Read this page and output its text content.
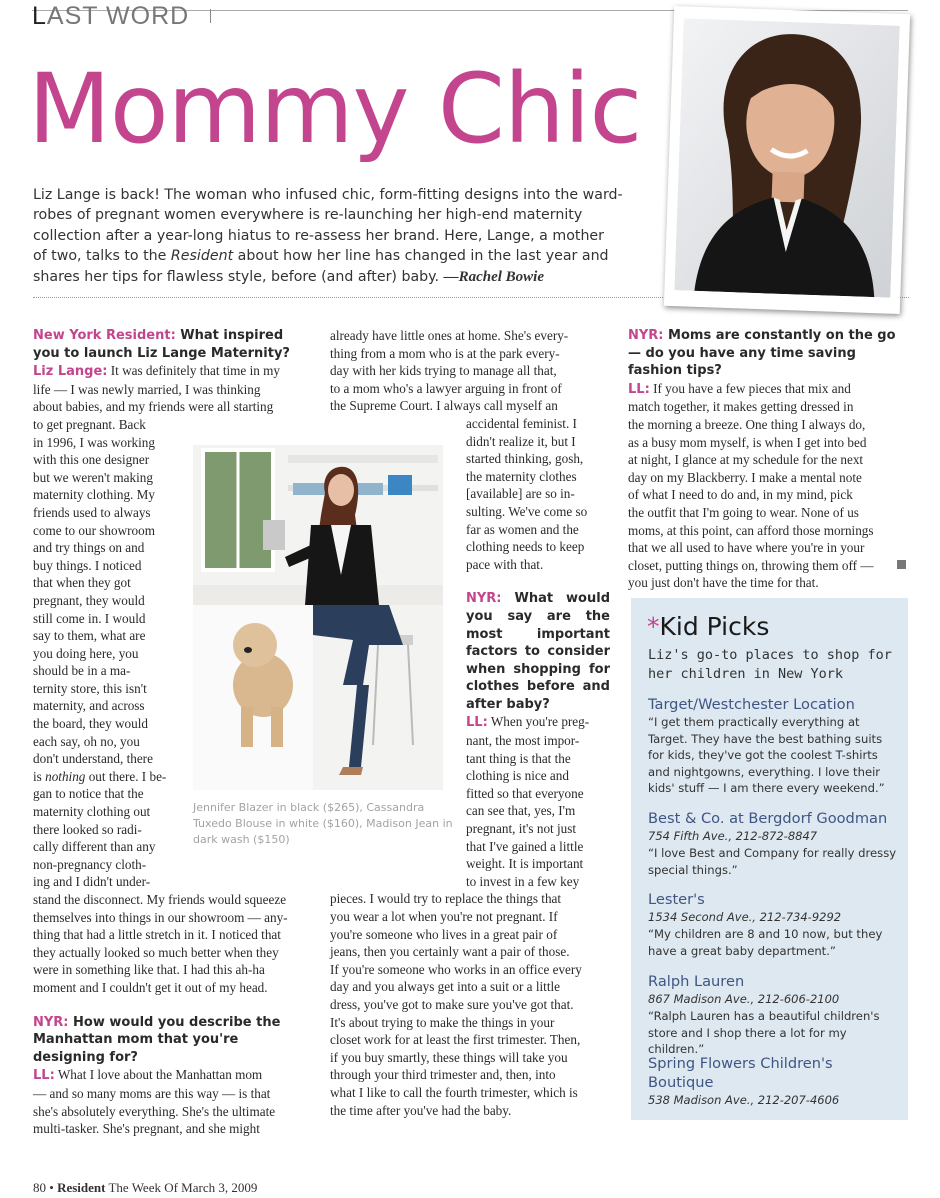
LAST WORD
Mommy Chic
Liz Lange is back! The woman who infused chic, form-fitting designs into the ward-
robes of pregnant women everywhere is re-launching her high-end maternity
collection after a year-long hiatus to re-assess her brand. Here, Lange, a mother
of two, talks to the Resident about how her line has changed in the last year and
shares her tips for flawless style, before (and after) baby. —Rachel Bowie
New York Resident: What inspired you to launch Liz Lange Maternity?
Liz Lange: It was definitely that time in my
life — I was newly married, I was thinking
about babies, and my friends were all starting
to get pregnant. Back
in 1996, I was working
with this one designer
but we weren't making
maternity clothing. My
friends used to always
come to our showroom
and try things on and
buy things. I noticed
that when they got
pregnant, they would
still come in. I would
say to them, what are
you doing here, you
should be in a ma-
ternity store, this isn't
maternity, and across
the board, they would
each say, oh no, you
don't understand, there
is nothing out there. I be-
gan to notice that the
maternity clothing out
there looked so radi-
cally different than any
non-pregnancy cloth-
ing and I didn't under-
stand the disconnect. My friends would squeeze
themselves into things in our showroom — any-
thing that had a little stretch in it. I noticed that
they actually looked so much better when they
were in something like that. I had this ah-ha
moment and I couldn't get it out of my head.
NYR: How would you describe the Manhattan mom that you're designing for?
LL: What I love about the Manhattan mom
— and so many moms are this way — is that
she's absolutely everything. She's the ultimate
multi-tasker. She's pregnant, and she might
already have little ones at home. She's every-
thing from a mom who is at the park every-
day with her kids trying to manage all that,
to a mom who's a lawyer arguing in front of
the Supreme Court. I always call myself an
accidental feminist. I
didn't realize it, but I
started thinking, gosh,
the maternity clothes
[available] are so in-
sulting. We've come so
far as women and the
clothing needs to keep
pace with that.
NYR: What would you say are the most important factors to consider when shopping for clothes before and after baby?
LL: When you're preg-
nant, the most impor-
tant thing is that the
clothing is nice and
fitted so that everyone
can see that, yes, I'm
pregnant, it's not just
that I've gained a little
weight. It is important
to invest in a few key
pieces. I would try to replace the things that
you wear a lot when you're not pregnant. If
you're someone who lives in a great pair of
jeans, then you certainly want a pair of those.
If you're someone who works in an office every
day and you always get into a suit or a little
dress, you've got to make sure you've got that.
It's about trying to make the things in your
closet work for at least the first trimester. Then,
if you buy smartly, these things will take you
through your third trimester and, then, into
what I like to call the fourth trimester, which is
the time after you've had the baby.
Jennifer Blazer in black ($265), Cassandra Tuxedo Blouse in white ($160), Madison Jean in dark wash ($150)
NYR: Moms are constantly on the go — do you have any time saving fashion tips?
LL: If you have a few pieces that mix and
match together, it makes getting dressed in
the morning a breeze. One thing I always do,
as a busy mom myself, is when I get into bed
at night, I glance at my schedule for the next
day on my Blackberry. I make a mental note
of what I need to do and, in my mind, pick
the outfit that I'm going to wear. None of us
moms, at this point, can afford those mornings
that we all used to have where you're in your
closet, putting things on, throwing them off —
you just don't have the time for that.
*Kid Picks
Liz's go-to places to shop for her children in New York
Target/Westchester Location
“I get them practically everything at Target. They have the best bathing suits for kids, they've got the coolest T-shirts and nightgowns, everything. I love their kids' stuff — I am there every weekend.”
Best & Co. at Bergdorf Goodman
754 Fifth Ave., 212-872-8847
“I love Best and Company for really dressy special things.”
Lester's
1534 Second Ave., 212-734-9292
“My children are 8 and 10 now, but they have a great baby department.”
Ralph Lauren
867 Madison Ave., 212-606-2100
“Ralph Lauren has a beautiful children's store and I shop there a lot for my children.”
Spring Flowers Children's Boutique
538 Madison Ave., 212-207-4606
80 • Resident The Week Of March 3, 2009
